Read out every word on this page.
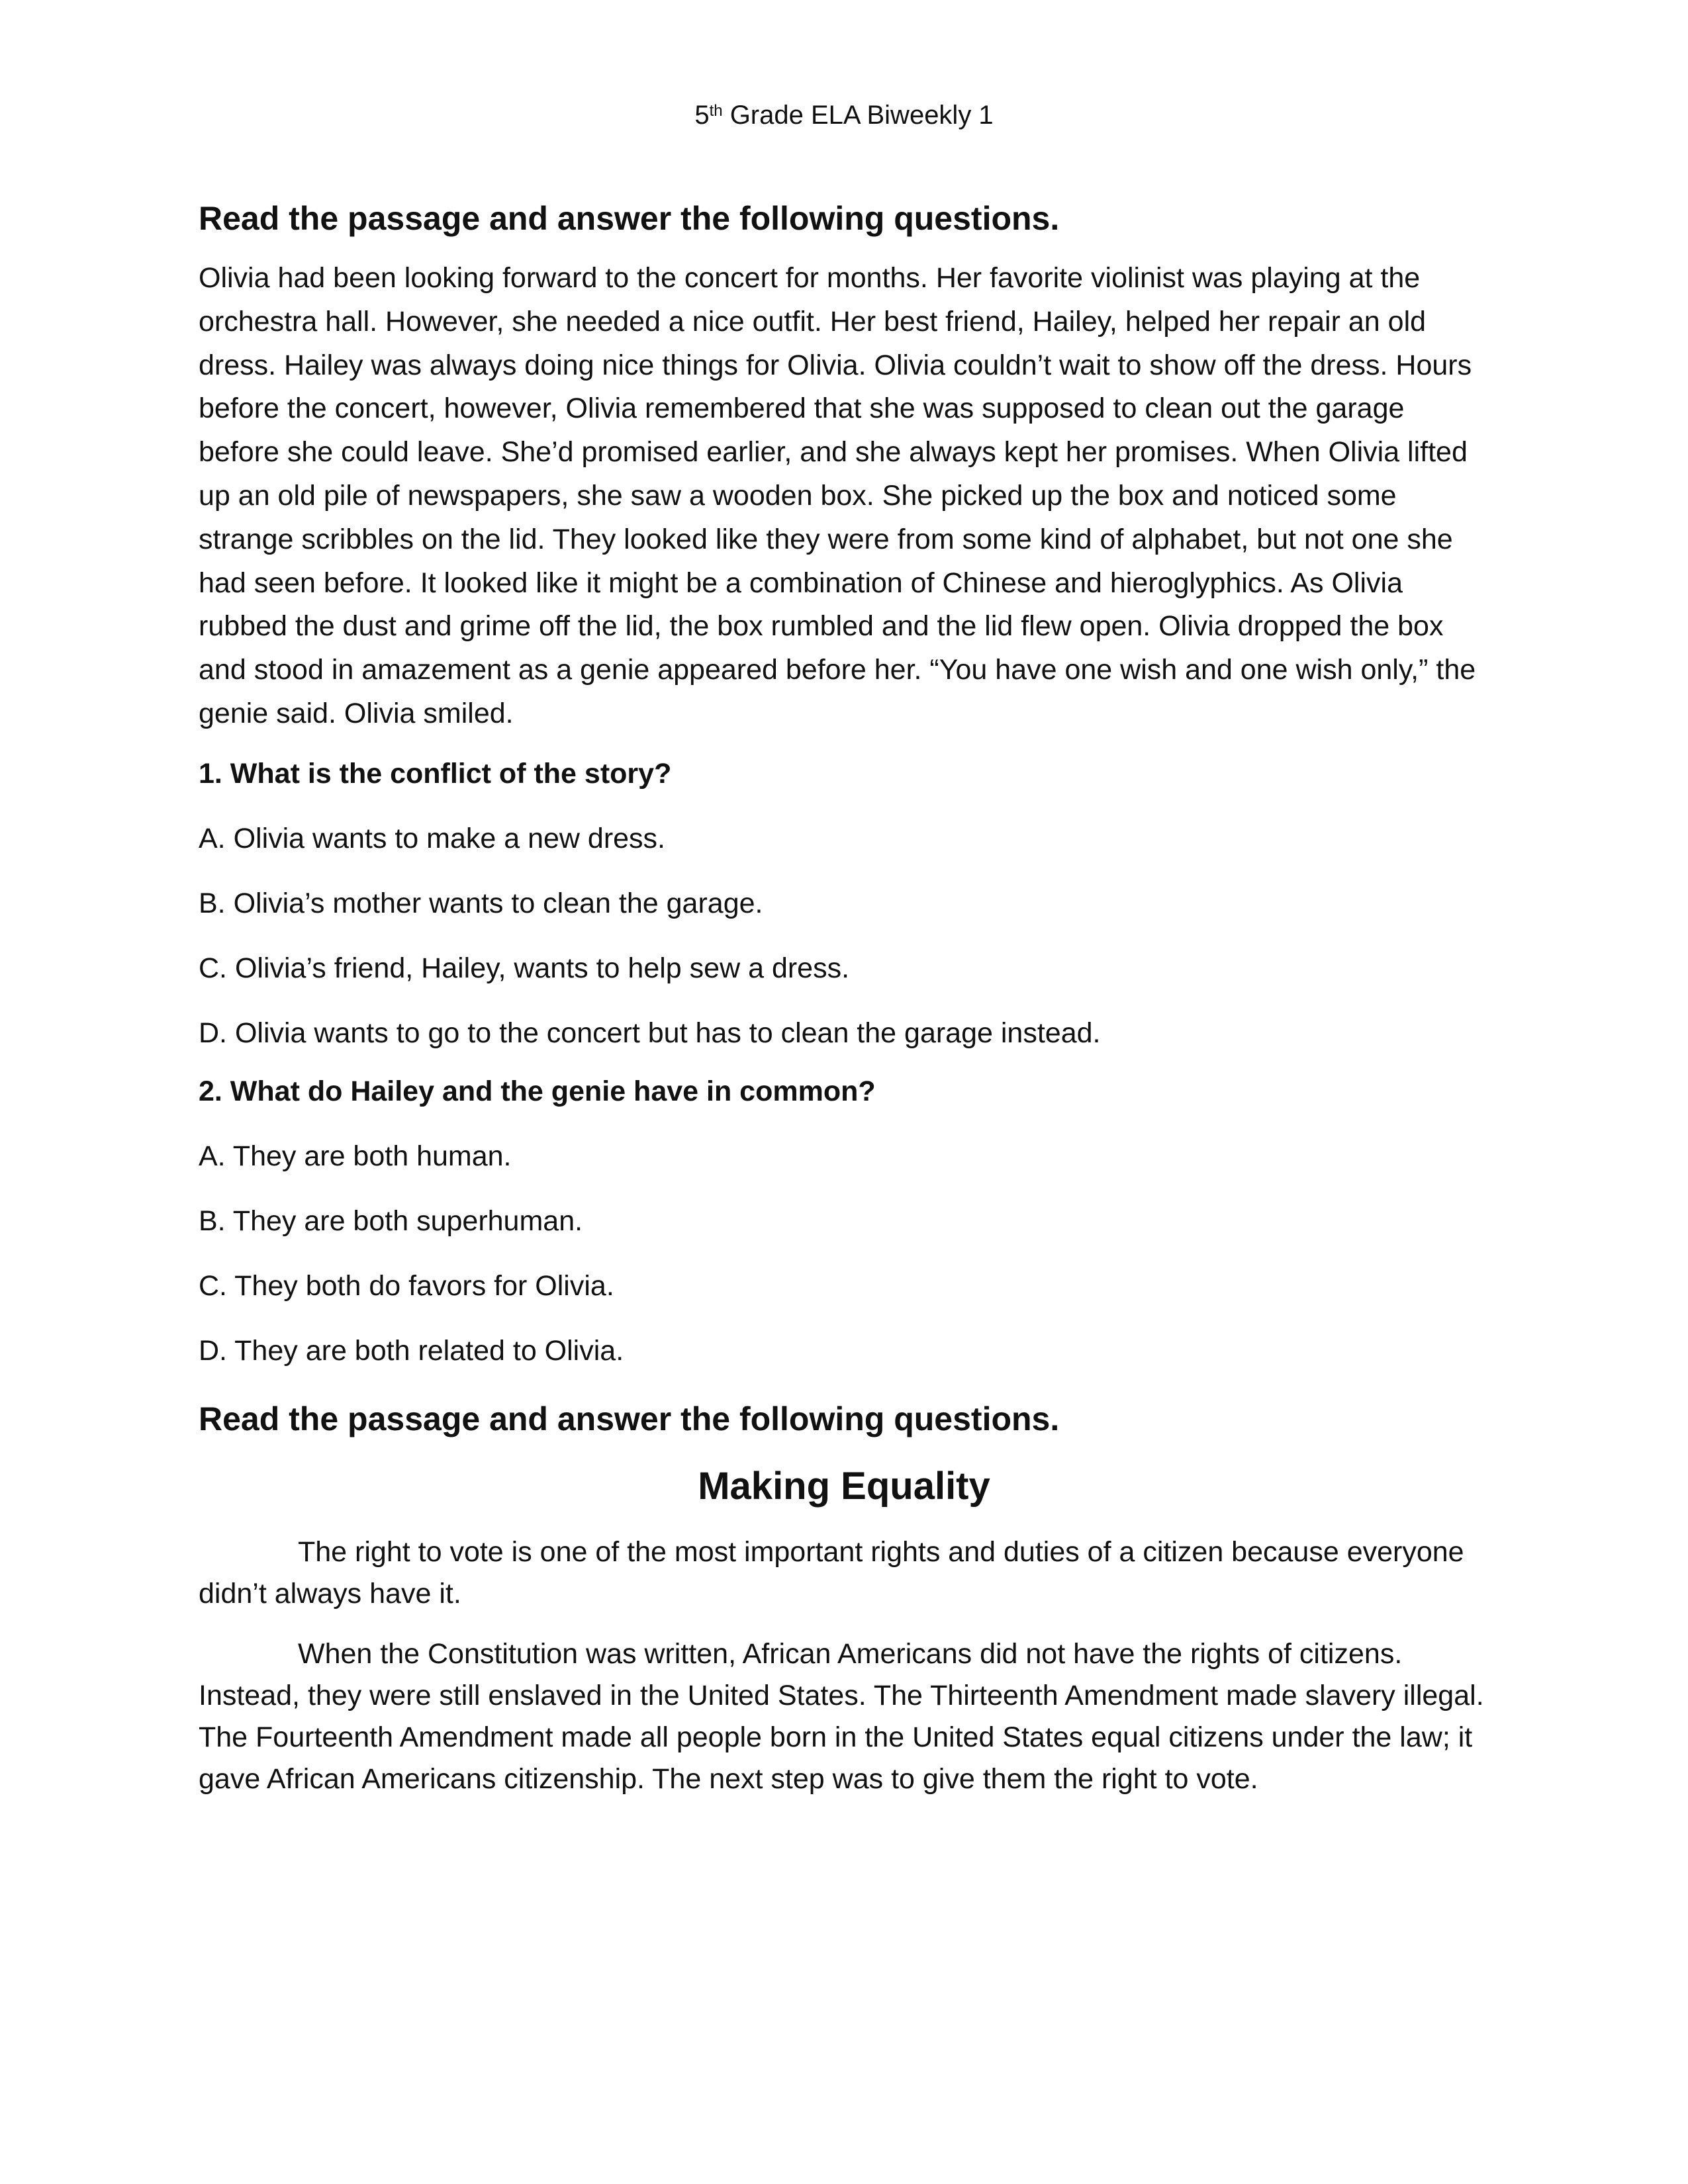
5th Grade ELA Biweekly 1
Read the passage and answer the following questions.

Olivia had been looking forward to the concert for months. Her favorite violinist was playing at the orchestra hall. However, she needed a nice outfit. Her best friend, Hailey, helped her repair an old dress. Hailey was always doing nice things for Olivia. Olivia couldn’t wait to show off the dress. Hours before the concert, however, Olivia remembered that she was supposed to clean out the garage before she could leave. She’d promised earlier, and she always kept her promises. When Olivia lifted up an old pile of newspapers, she saw a wooden box. She picked up the box and noticed some strange scribbles on the lid. They looked like they were from some kind of alphabet, but not one she had seen before. It looked like it might be a combination of Chinese and hieroglyphics. As Olivia rubbed the dust and grime off the lid, the box rumbled and the lid flew open. Olivia dropped the box and stood in amazement as a genie appeared before her. “You have one wish and one wish only,” the genie said. Olivia smiled.

1. What is the conflict of the story?

A. Olivia wants to make a new dress.

B. Olivia’s mother wants to clean the garage.

C. Olivia’s friend, Hailey, wants to help sew a dress.

D. Olivia wants to go to the concert but has to clean the garage instead.

2. What do Hailey and the genie have in common?

A. They are both human.

B. They are both superhuman.

C. They both do favors for Olivia.

D. They are both related to Olivia.

Read the passage and answer the following questions.
Making Equality

The right to vote is one of the most important rights and duties of a citizen because everyone didn’t always have it.

When the Constitution was written, African Americans did not have the rights of citizens. Instead, they were still enslaved in the United States. The Thirteenth Amendment made slavery illegal. The Fourteenth Amendment made all people born in the United States equal citizens under the law; it gave African Americans citizenship. The next step was to give them the right to vote.
